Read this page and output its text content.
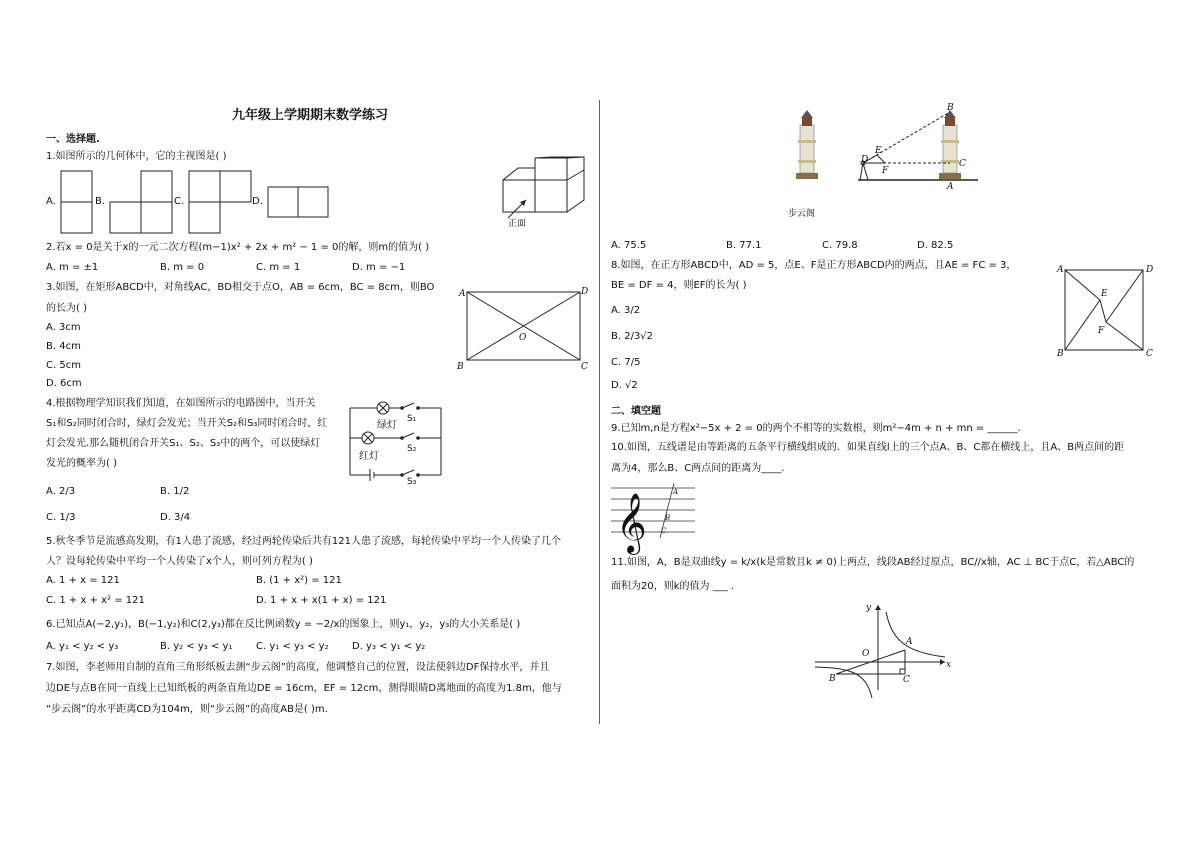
九年级上学期期末数学练习
一、选择题.
1.如图所示的几何体中，它的主视图是( )
A.	B.	C.	D.
正面
2.若x = 0是关于x的一元二次方程(m−1)x² + 2x + m² − 1 = 0的解，则m的值为( )
A. m = ±1	B. m = 0	C. m = 1	D. m = −1
3.如图，在矩形ABCD中，对角线AC，BD相交于点O，AB = 6cm，BC = 8cm，则BO
的长为( )
A. 3cm
B. 4cm
C. 5cm
D. 6cm
A	D
B	C
O
4.根据物理学知识我们知道，在如图所示的电路图中，当开关
S₁和S₂同时闭合时，绿灯会发光；当开关S₂和S₃同时闭合时，红
灯会发光.那么随机闭合开关S₁、S₂、S₃中的两个，可以使绿灯
发光的概率为( )
A. 2/3	B. 1/2
C. 1/3	D. 3/4
绿灯
红灯
S₁
S₂
S₃
5.秋冬季节是流感高发期，有1人患了流感，经过两轮传染后共有121人患了流感，每轮传染中平均一个人传染了几个
人？设每轮传染中平均一个人传染了x个人，则可列方程为( )
A. 1 + x = 121	B. (1 + x²) = 121
C. 1 + x + x² = 121	D. 1 + x + x(1 + x) = 121
6.已知点A(−2,y₁)，B(−1,y₂)和C(2,y₃)都在反比例函数y = −2/x的图象上，则y₁，y₂，y₃的大小关系是( )
A. y₁ < y₂ < y₃	B. y₂ < y₃ < y₁ C. y₁ < y₃ < y₂ D. y₃ < y₁ < y₂
7.如图，李老师用自制的直角三角形纸板去测“步云阁”的高度，他调整自己的位置，设法使斜边DF保持水平，并且
边DE与点B在同一直线上已知纸板的两条直角边DE = 16cm，EF = 12cm，测得眼睛D离地面的高度为1.8m，他与
“步云阁”的水平距离CD为104m，则“步云阁”的高度AB是( )m.
B
C
A
D
E
F
步云阁
A. 75.5	B. 77.1	C. 79.8	D. 82.5
8.如图，在正方形ABCD中，AD = 5，点E、F是正方形ABCD内的两点，且AE = FC = 3，
BE = DF = 4，则EF的长为( )
A. 3/2
B. 2/3√2
C. 7/5
D. √2
A	D
B	C
E
F
二、填空题
9.已知m,n是方程x²−5x + 2 = 0的两个不相等的实数根，则m²−4m + n + mn = ______.
10.如图，五线谱是由等距离的五条平行横线组成的．如果直线l上的三个点A、B、C都在横线上，且A、B两点间的距
离为4，那么B、C两点间的距离为____.
𝄞
A
B
C
11.如图，A，B是双曲线y = k/x(k是常数且k ≠ 0)上两点，线段AB经过原点，BC//x轴，AC ⊥ BC于点C，若△ABC的
面积为20，则k的值为 ___ .
y
x
O
A
B	C
